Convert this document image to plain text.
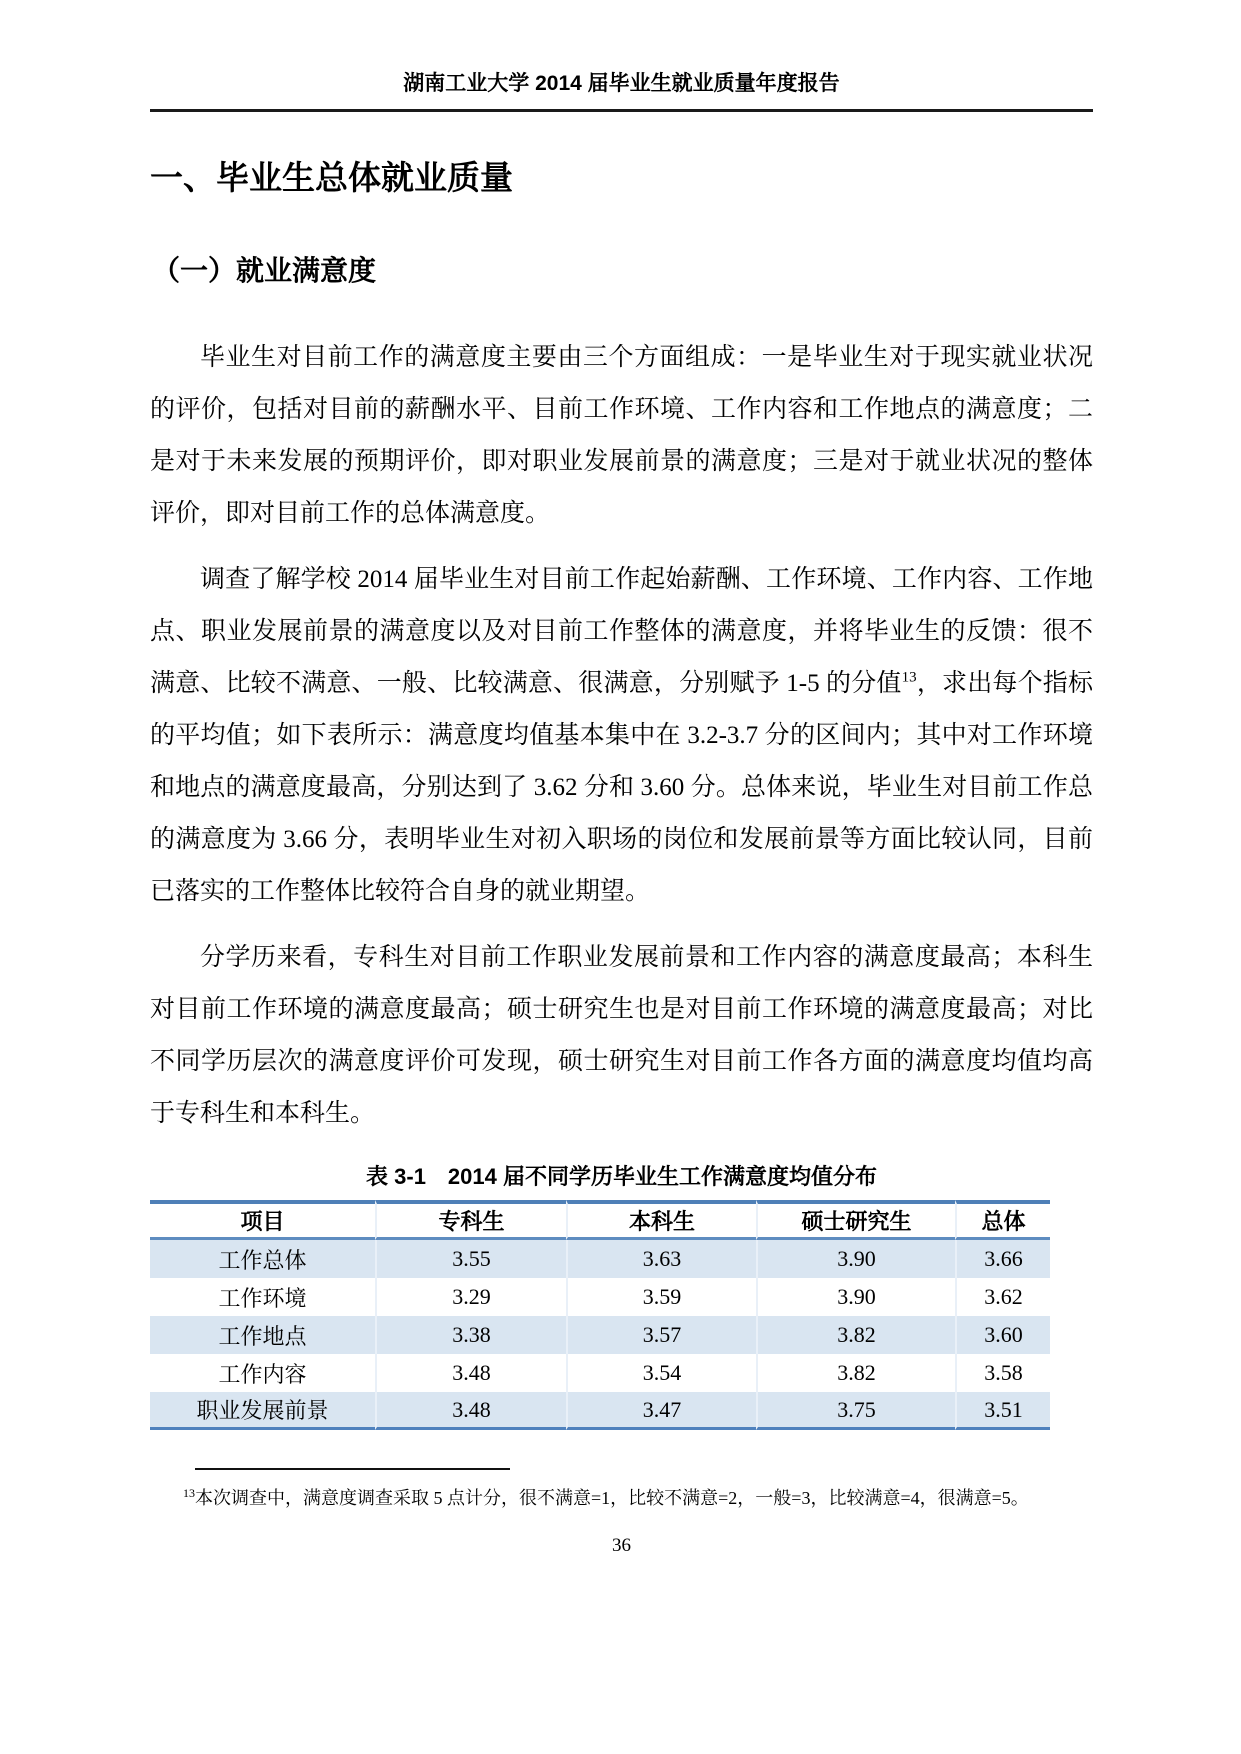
湖南工业大学 2014 届毕业生就业质量年度报告
一、毕业生总体就业质量
（一）就业满意度

毕业生对目前工作的满意度主要由三个方面组成：一是毕业生对于现实就业状况的评价，包括对目前的薪酬水平、目前工作环境、工作内容和工作地点的满意度；二是对于未来发展的预期评价，即对职业发展前景的满意度；三是对于就业状况的整体评价，即对目前工作的总体满意度。

调查了解学校 2014 届毕业生对目前工作起始薪酬、工作环境、工作内容、工作地点、职业发展前景的满意度以及对目前工作整体的满意度，并将毕业生的反馈：很不满意、比较不满意、一般、比较满意、很满意，分别赋予 1-5 的分值$^{13}$，求出每个指标的平均值；如下表所示：满意度均值基本集中在 3.2-3.7 分的区间内；其中对工作环境和地点的满意度最高，分别达到了 3.62 分和 3.60 分。总体来说，毕业生对目前工作总的满意度为 3.66 分，表明毕业生对初入职场的岗位和发展前景等方面比较认同，目前已落实的工作整体比较符合自身的就业期望。

分学历来看，专科生对目前工作职业发展前景和工作内容的满意度最高；本科生对目前工作环境的满意度最高；硕士研究生也是对目前工作环境的满意度最高；对比不同学历层次的满意度评价可发现，硕士研究生对目前工作各方面的满意度均值均高于专科生和本科生。

表 3-1　2014 届不同学历毕业生工作满意度均值分布
项目	专科生	本科生	硕士研究生	总体
工作总体	3.55	3.63	3.90	3.66
工作环境	3.29	3.59	3.90	3.62
工作地点	3.38	3.57	3.82	3.60
工作内容	3.48	3.54	3.82	3.58
职业发展前景	3.48	3.47	3.75	3.51

$^{13}$本次调查中，满意度调查采取 5 点计分，很不满意=1，比较不满意=2，一般=3，比较满意=4，很满意=5。

36
